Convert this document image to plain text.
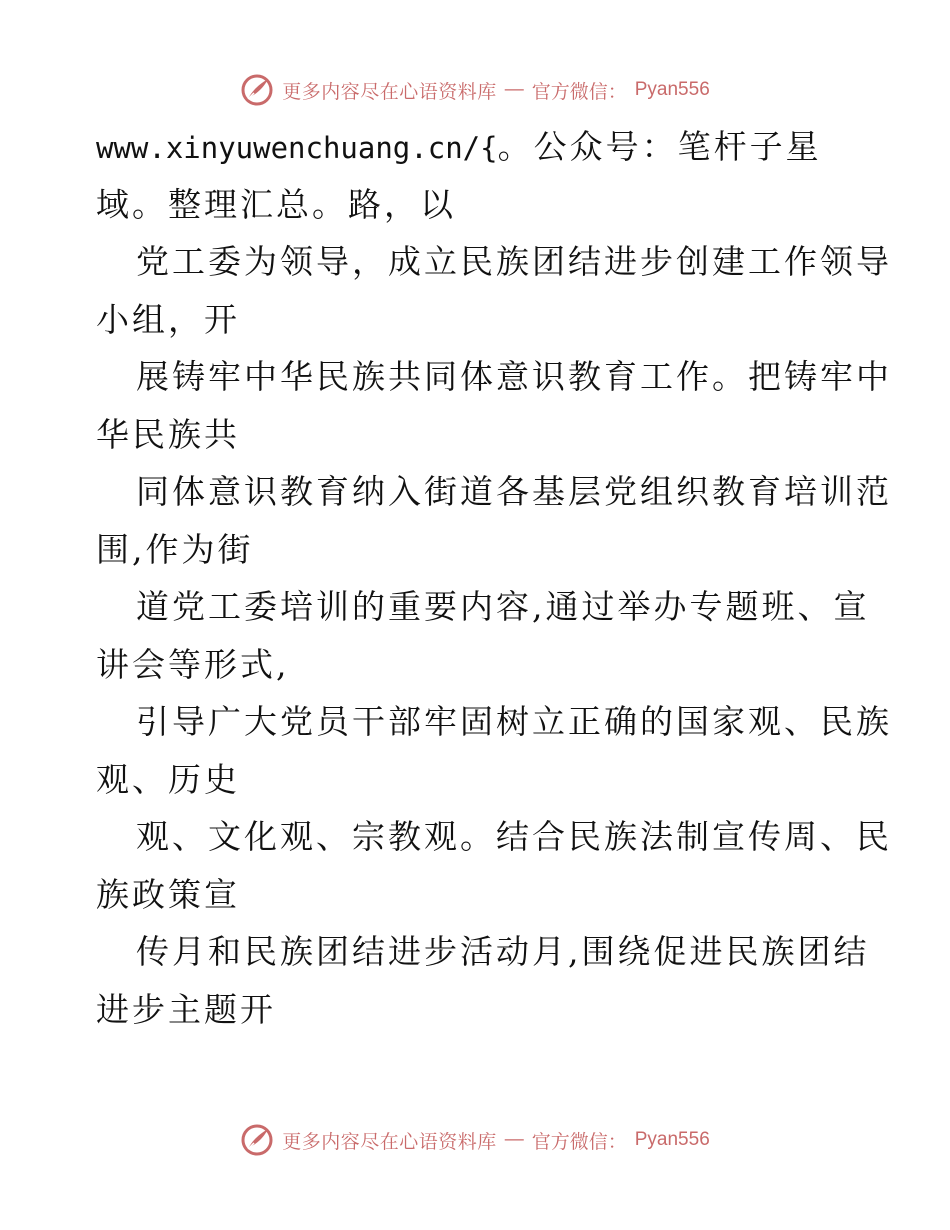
更多内容尽在心语资料库 — 官方微信： Pyan556
www.xinyuwenchuang.cn/{。公众号：笔杆子星
域。整理汇总。路，以
党工委为领导，成立民族团结进步创建工作领导
小组，开
展铸牢中华民族共同体意识教育工作。把铸牢中
华民族共
同体意识教育纳入街道各基层党组织教育培训范
围,作为街
道党工委培训的重要内容,通过举办专题班、宣
讲会等形式,
引导广大党员干部牢固树立正确的国家观、民族
观、历史
观、文化观、宗教观。结合民族法制宣传周、民
族政策宣
传月和民族团结进步活动月,围绕促进民族团结
进步主题开
更多内容尽在心语资料库 — 官方微信： Pyan556
